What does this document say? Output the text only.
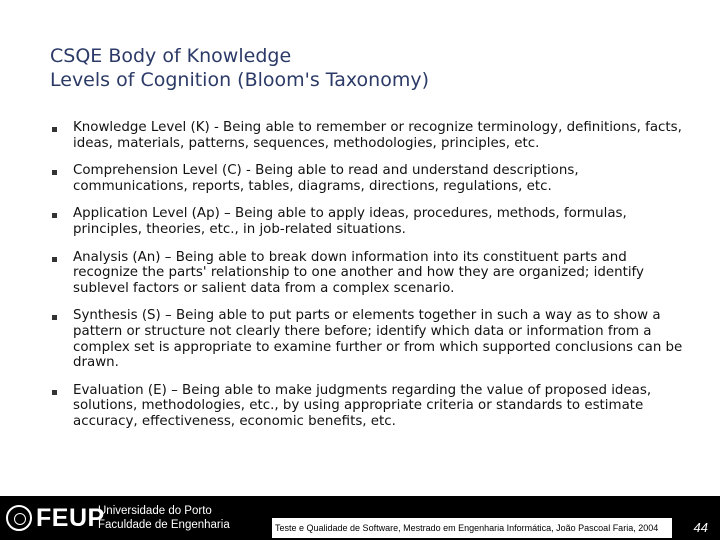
CSQE Body of Knowledge
Levels of Cognition (Bloom's Taxonomy)
Knowledge Level (K) - Being able to remember or recognize terminology, definitions, facts, ideas, materials, patterns, sequences, methodologies, principles, etc.
Comprehension Level (C) - Being able to read and understand descriptions, communications, reports, tables, diagrams, directions, regulations, etc.
Application Level (Ap) – Being able to apply ideas, procedures, methods, formulas, principles, theories, etc., in job-related situations.
Analysis (An) – Being able to break down information into its constituent parts and recognize the parts' relationship to one another and how they are organized; identify sublevel factors or salient data from a complex scenario.
Synthesis (S) – Being able to put parts or elements together in such a way as to show a pattern or structure not clearly there before; identify which data or information from a complex set is appropriate to examine further or from which supported conclusions can be drawn.
Evaluation (E) – Being able to make judgments regarding the value of proposed ideas, solutions, methodologies, etc., by using appropriate criteria or standards to estimate accuracy, effectiveness, economic benefits, etc.
FEUP
Universidade do Porto
Faculdade de Engenharia	Teste e Qualidade de Software, Mestrado em Engenharia Informática, João Pascoal Faria, 2004	44
